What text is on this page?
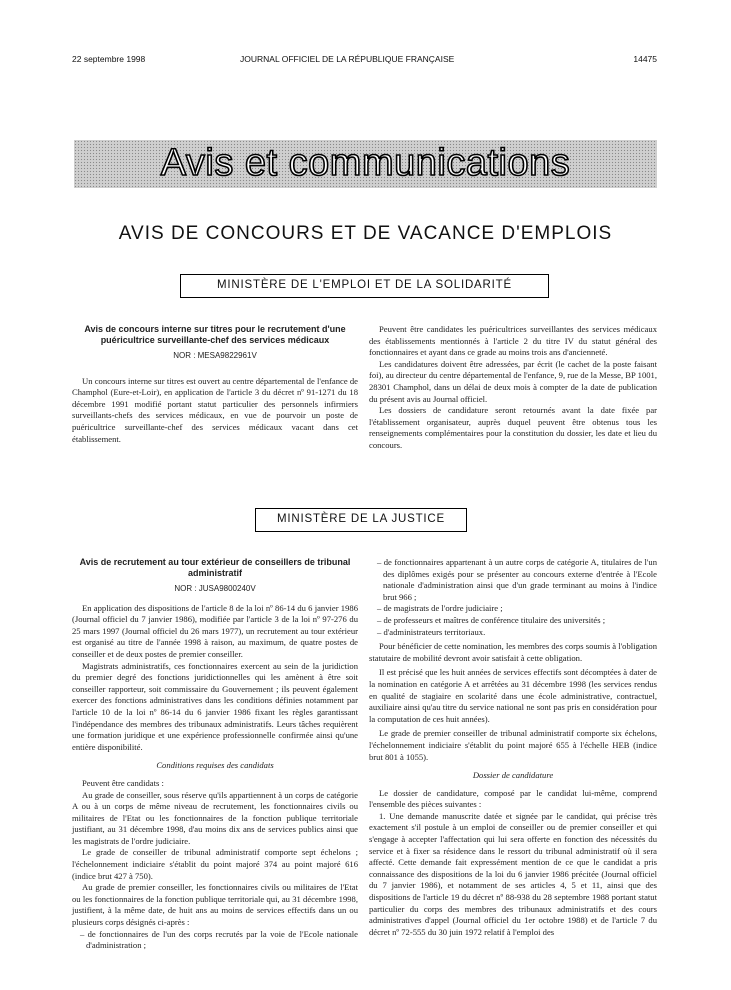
22 septembre 1998	JOURNAL OFFICIEL DE LA RÉPUBLIQUE FRANÇAISE	14475
Avis et communications
AVIS DE CONCOURS ET DE VACANCE D'EMPLOIS
MINISTÈRE DE L'EMPLOI ET DE LA SOLIDARITÉ
Avis de concours interne sur titres pour le recrutement d'une puéricultrice surveillante-chef des services médicaux
NOR : MESA9822961V

Un concours interne sur titres est ouvert au centre départemental de l'enfance de Champhol (Eure-et-Loir), en application de l'article 3 du décret nº 91-1271 du 18 décembre 1991 modifié portant statut particulier des personnels infirmiers surveillants-chefs des services médicaux, en vue de pourvoir un poste de puéricultrice surveillante-chef des services médicaux vacant dans cet établissement.

Peuvent être candidates les puéricultrices surveillantes des services médicaux des établissements mentionnés à l'article 2 du titre IV du statut général des fonctionnaires et ayant dans ce grade au moins trois ans d'ancienneté.

Les candidatures doivent être adressées, par écrit (le cachet de la poste faisant foi), au directeur du centre départemental de l'enfance, 9, rue de la Messe, BP 1001, 28301 Champhol, dans un délai de deux mois à compter de la date de publication du présent avis au Journal officiel.

Les dossiers de candidature seront retournés avant la date fixée par l'établissement organisateur, auprès duquel peuvent être obtenus tous les renseignements complémentaires pour la constitution du dossier, les date et lieu du concours.

MINISTÈRE DE LA JUSTICE
Avis de recrutement au tour extérieur de conseillers de tribunal administratif
NOR : JUSA9800240V

En application des dispositions de l'article 8 de la loi nº 86-14 du 6 janvier 1986 (Journal officiel du 7 janvier 1986), modifiée par l'article 3 de la loi nº 97-276 du 25 mars 1997 (Journal officiel du 26 mars 1977), un recrutement au tour extérieur est organisé au titre de l'année 1998 à raison, au maximum, de quatre postes de conseiller et de deux postes de premier conseiller.

Magistrats administratifs, ces fonctionnaires exercent au sein de la juridiction du premier degré des fonctions juridictionnelles qui les amènent à être soit conseiller rapporteur, soit commissaire du Gouvernement ; ils peuvent également exercer des fonctions administratives dans les conditions définies notamment par l'article 10 de la loi nº 86-14 du 6 janvier 1986 fixant les règles garantissant l'indépendance des membres des tribunaux administratifs. Leurs tâches requièrent une formation juridique et une expérience professionnelle confirmée ainsi qu'une entière disponibilité.

Conditions requises des candidats

Peuvent être candidats :

Au grade de conseiller, sous réserve qu'ils appartiennent à un corps de catégorie A ou à un corps de même niveau de recrutement, les fonctionnaires civils ou militaires de l'Etat ou les fonctionnaires de la fonction publique territoriale justifiant, au 31 décembre 1998, d'au moins dix ans de services publics ainsi que les magistrats de l'ordre judiciaire.

Le grade de conseiller de tribunal administratif comporte sept échelons ; l'échelonnement indiciaire s'établit du point majoré 374 au point majoré 616 (indice brut 427 à 750).

Au grade de premier conseiller, les fonctionnaires civils ou militaires de l'Etat ou les fonctionnaires de la fonction publique territoriale qui, au 31 décembre 1998, justifient, à la même date, de huit ans au moins de services effectifs dans un ou plusieurs corps désignés ci-après :

– de fonctionnaires de l'un des corps recrutés par la voie de l'Ecole nationale d'administration ;

– de fonctionnaires appartenant à un autre corps de catégorie A, titulaires de l'un des diplômes exigés pour se présenter au concours externe d'entrée à l'Ecole nationale d'administration ainsi que d'un grade terminant au moins à l'indice brut 966 ;

– de magistrats de l'ordre judiciaire ;

– de professeurs et maîtres de conférence titulaire des universités ;

– d'administrateurs territoriaux.

Pour bénéficier de cette nomination, les membres des corps soumis à l'obligation statutaire de mobilité devront avoir satisfait à cette obligation.

Il est précisé que les huit années de services effectifs sont décomptées à dater de la nomination en catégorie A et arrêtées au 31 décembre 1998 (les services rendus en qualité de stagiaire en scolarité dans une école administrative, contractuel, auxiliaire ainsi qu'au titre du service national ne sont pas pris en considération pour la computation de ces huit années).

Le grade de premier conseiller de tribunal administratif comporte six échelons, l'échelonnement indiciaire s'établit du point majoré 655 à l'échelle HEB (indice brut 801 à 1055).

Dossier de candidature

Le dossier de candidature, composé par le candidat lui-même, comprend l'ensemble des pièces suivantes :

1. Une demande manuscrite datée et signée par le candidat, qui précise très exactement s'il postule à un emploi de conseiller ou de premier conseiller et qui s'engage à accepter l'affectation qui lui sera offerte en fonction des nécessités du service et à fixer sa résidence dans le ressort du tribunal administratif où il sera affecté. Cette demande fait expressément mention de ce que le candidat a pris connaissance des dispositions de la loi du 6 janvier 1986 précitée (Journal officiel du 7 janvier 1986), et notamment de ses articles 4, 5 et 11, ainsi que des dispositions de l'article 19 du décret nº 88-938 du 28 septembre 1988 portant statut particulier du corps des membres des tribunaux administratifs et des cours administratives d'appel (Journal officiel du 1er octobre 1988) et de l'article 7 du décret nº 72-555 du 30 juin 1972 relatif à l'emploi des
